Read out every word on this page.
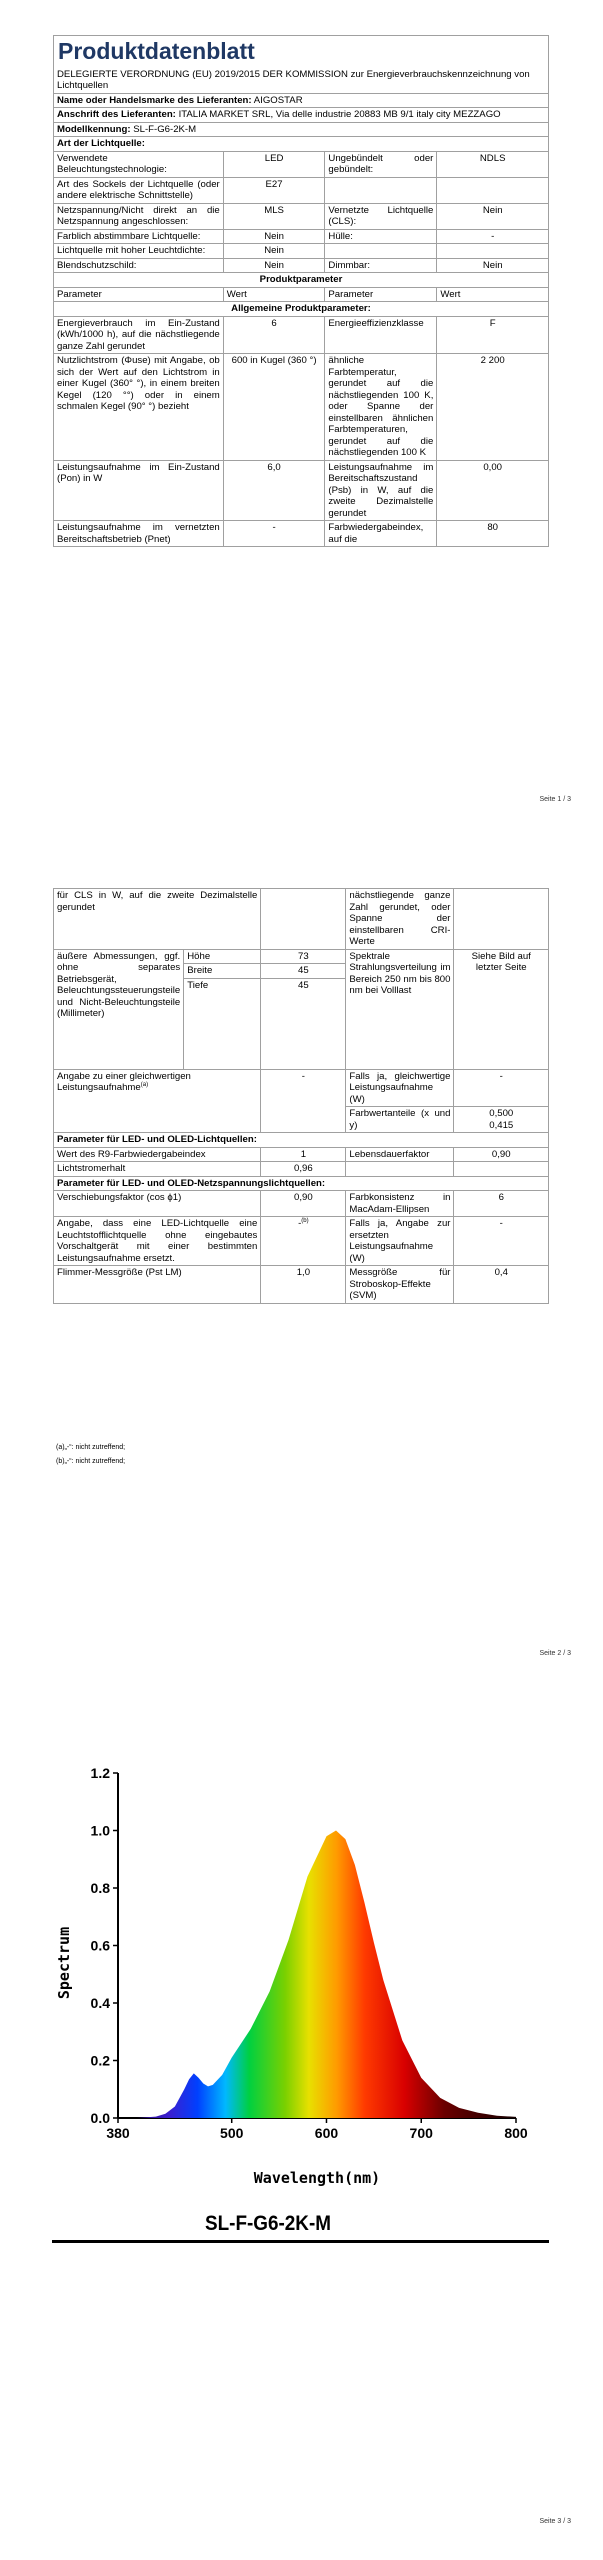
Produktdatenblatt			
DELEGIERTE VERORDNUNG (EU) 2019/2015 DER KOMMISSION zur Energieverbrauchskennzeichnung von Lichtquellen			
Name oder Handelsmarke des Lieferanten: AIGOSTAR			
Anschrift des Lieferanten: ITALIA MARKET SRL, Via delle industrie 20883 MB 9/1 italy city MEZZAGO			
Modellkennung: SL-F-G6-2K-M			
Art der Lichtquelle:			
Verwendete Beleuchtungstechnologie:	LED	Ungebündelt oder gebündelt:	NDLS
Art des Sockels der Lichtquelle (oder andere elektrische Schnittstelle)	E27		
Netzspannung/Nicht direkt an die Netzspannung angeschlossen:	MLS	Vernetzte Lichtquelle (CLS):	Nein
Farblich abstimmbare Lichtquelle:	Nein	Hülle:	-
Lichtquelle mit hoher Leuchtdichte:	Nein		
Blendschutzschild:	Nein	Dimmbar:	Nein
Produktparameter			
Parameter	Wert	Parameter	Wert
Allgemeine Produktparameter:			
Energieverbrauch im Ein-Zustand (kWh/1000 h), auf die nächstliegende ganze Zahl gerundet	6	Energieeffizienzklasse	F
Nutzlichtstrom (Φuse) mit Angabe, ob sich der Wert auf den Lichtstrom in einer Kugel (360° °), in einem breiten Kegel (120 °°) oder in einem schmalen Kegel (90° °) bezieht	600 in Kugel (360 °)	ähnliche Farbtemperatur, gerundet auf die nächstliegenden 100 K, oder Spanne der einstellbaren ähnlichen Farbtemperaturen, gerundet auf die nächstliegenden 100 K	2 200
Leistungsaufnahme im Ein-Zustand (Pon) in W	6,0	Leistungsaufnahme im Bereitschaftszustand (Psb) in W, auf die zweite Dezimalstelle gerundet	0,00
Leistungsaufnahme im vernetzten Bereitschaftsbetrieb (Pnet)	-	Farbwiedergabeindex, auf die	80
Seite 1 / 3
für CLS in W, auf die zweite Dezimalstelle gerundet			nächstliegende ganze Zahl gerundet, oder Spanne der einstellbaren CRI-Werte	
äußere Abmessungen, ggf. ohne separates Betriebsgerät, Beleuchtungssteuerungsteile und Nicht-Beleuchtungsteile (Millimeter)	Höhe	73	Spektrale Strahlungsverteilung im Bereich 250 nm bis 800 nm bei Volllast	Siehe Bild auf letzter Seite
	Breite	45		
	Tiefe	45		
Angabe zu einer gleichwertigen Leistungsaufnahme$^{(a)}$		-	Falls ja, gleichwertige Leistungsaufnahme (W)	-
			Farbwertanteile (x und y)	0,500
0,415
Parameter für LED- und OLED-Lichtquellen:				
Wert des R9-Farbwiedergabeindex		1	Lebensdauerfaktor	0,90
Lichtstromerhalt		0,96		
Parameter für LED- und OLED-Netzspannungslichtquellen:				
Verschiebungsfaktor (cos ϕ1)		0,90	Farbkonsistenz in MacAdam-Ellipsen	6
Angabe, dass eine LED-Lichtquelle eine Leuchtstofflichtquelle ohne eingebautes Vorschaltgerät mit einer bestimmten Leistungsaufnahme ersetzt.		-$^{(b)}$	Falls ja, Angabe zur ersetzten Leistungsaufnahme (W)	-
Flimmer-Messgröße (Pst LM)		1,0	Messgröße für Stroboskop-Effekte (SVM)	0,4
(a)„-“: nicht zutreffend;
(b)„-“: nicht zutreffend;
Seite 2 / 3
0.0
0.2
0.4
0.6
0.8
1.0
1.2
380	500	600	700	800
Spectrum
Wavelength(nm)
SL-F-G6-2K-M
Seite 3 / 3
